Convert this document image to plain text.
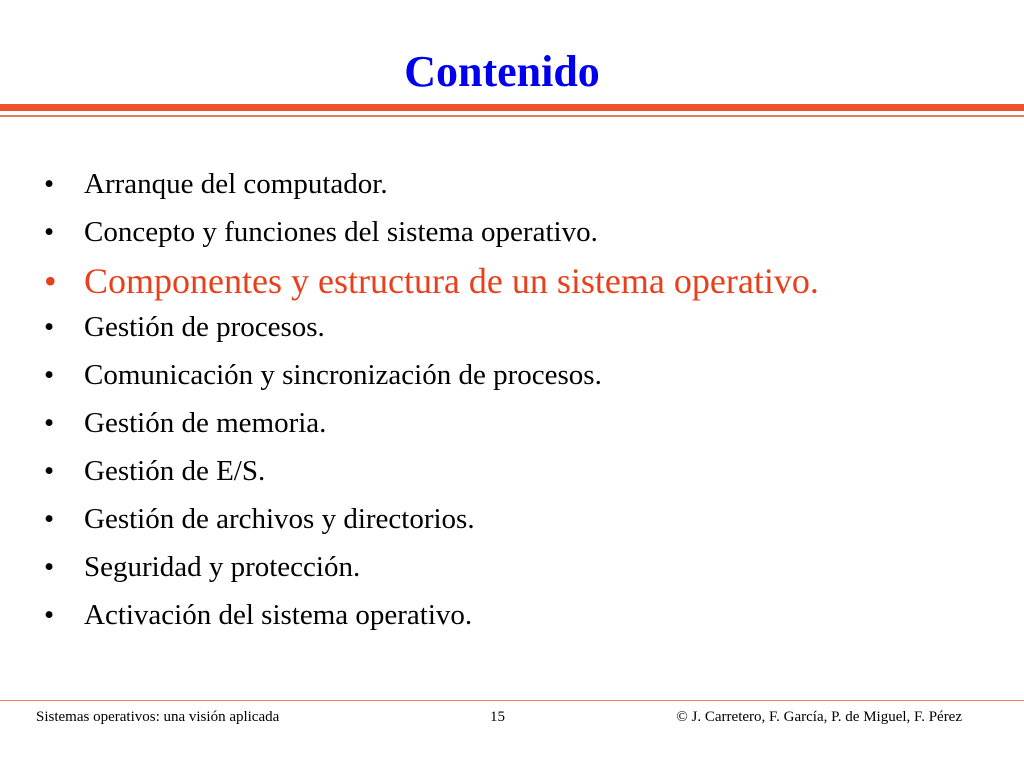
Contenido
• Arranque del computador.
• Concepto y funciones del sistema operativo.
• Componentes y estructura de un sistema operativo.
• Gestión de procesos.
• Comunicación y sincronización de procesos.
• Gestión de memoria.
• Gestión de E/S.
• Gestión de archivos y directorios.
• Seguridad y protección.
• Activación del sistema operativo.
Sistemas operativos: una visión aplicada	15	© J. Carretero, F. García, P. de Miguel, F. Pérez
